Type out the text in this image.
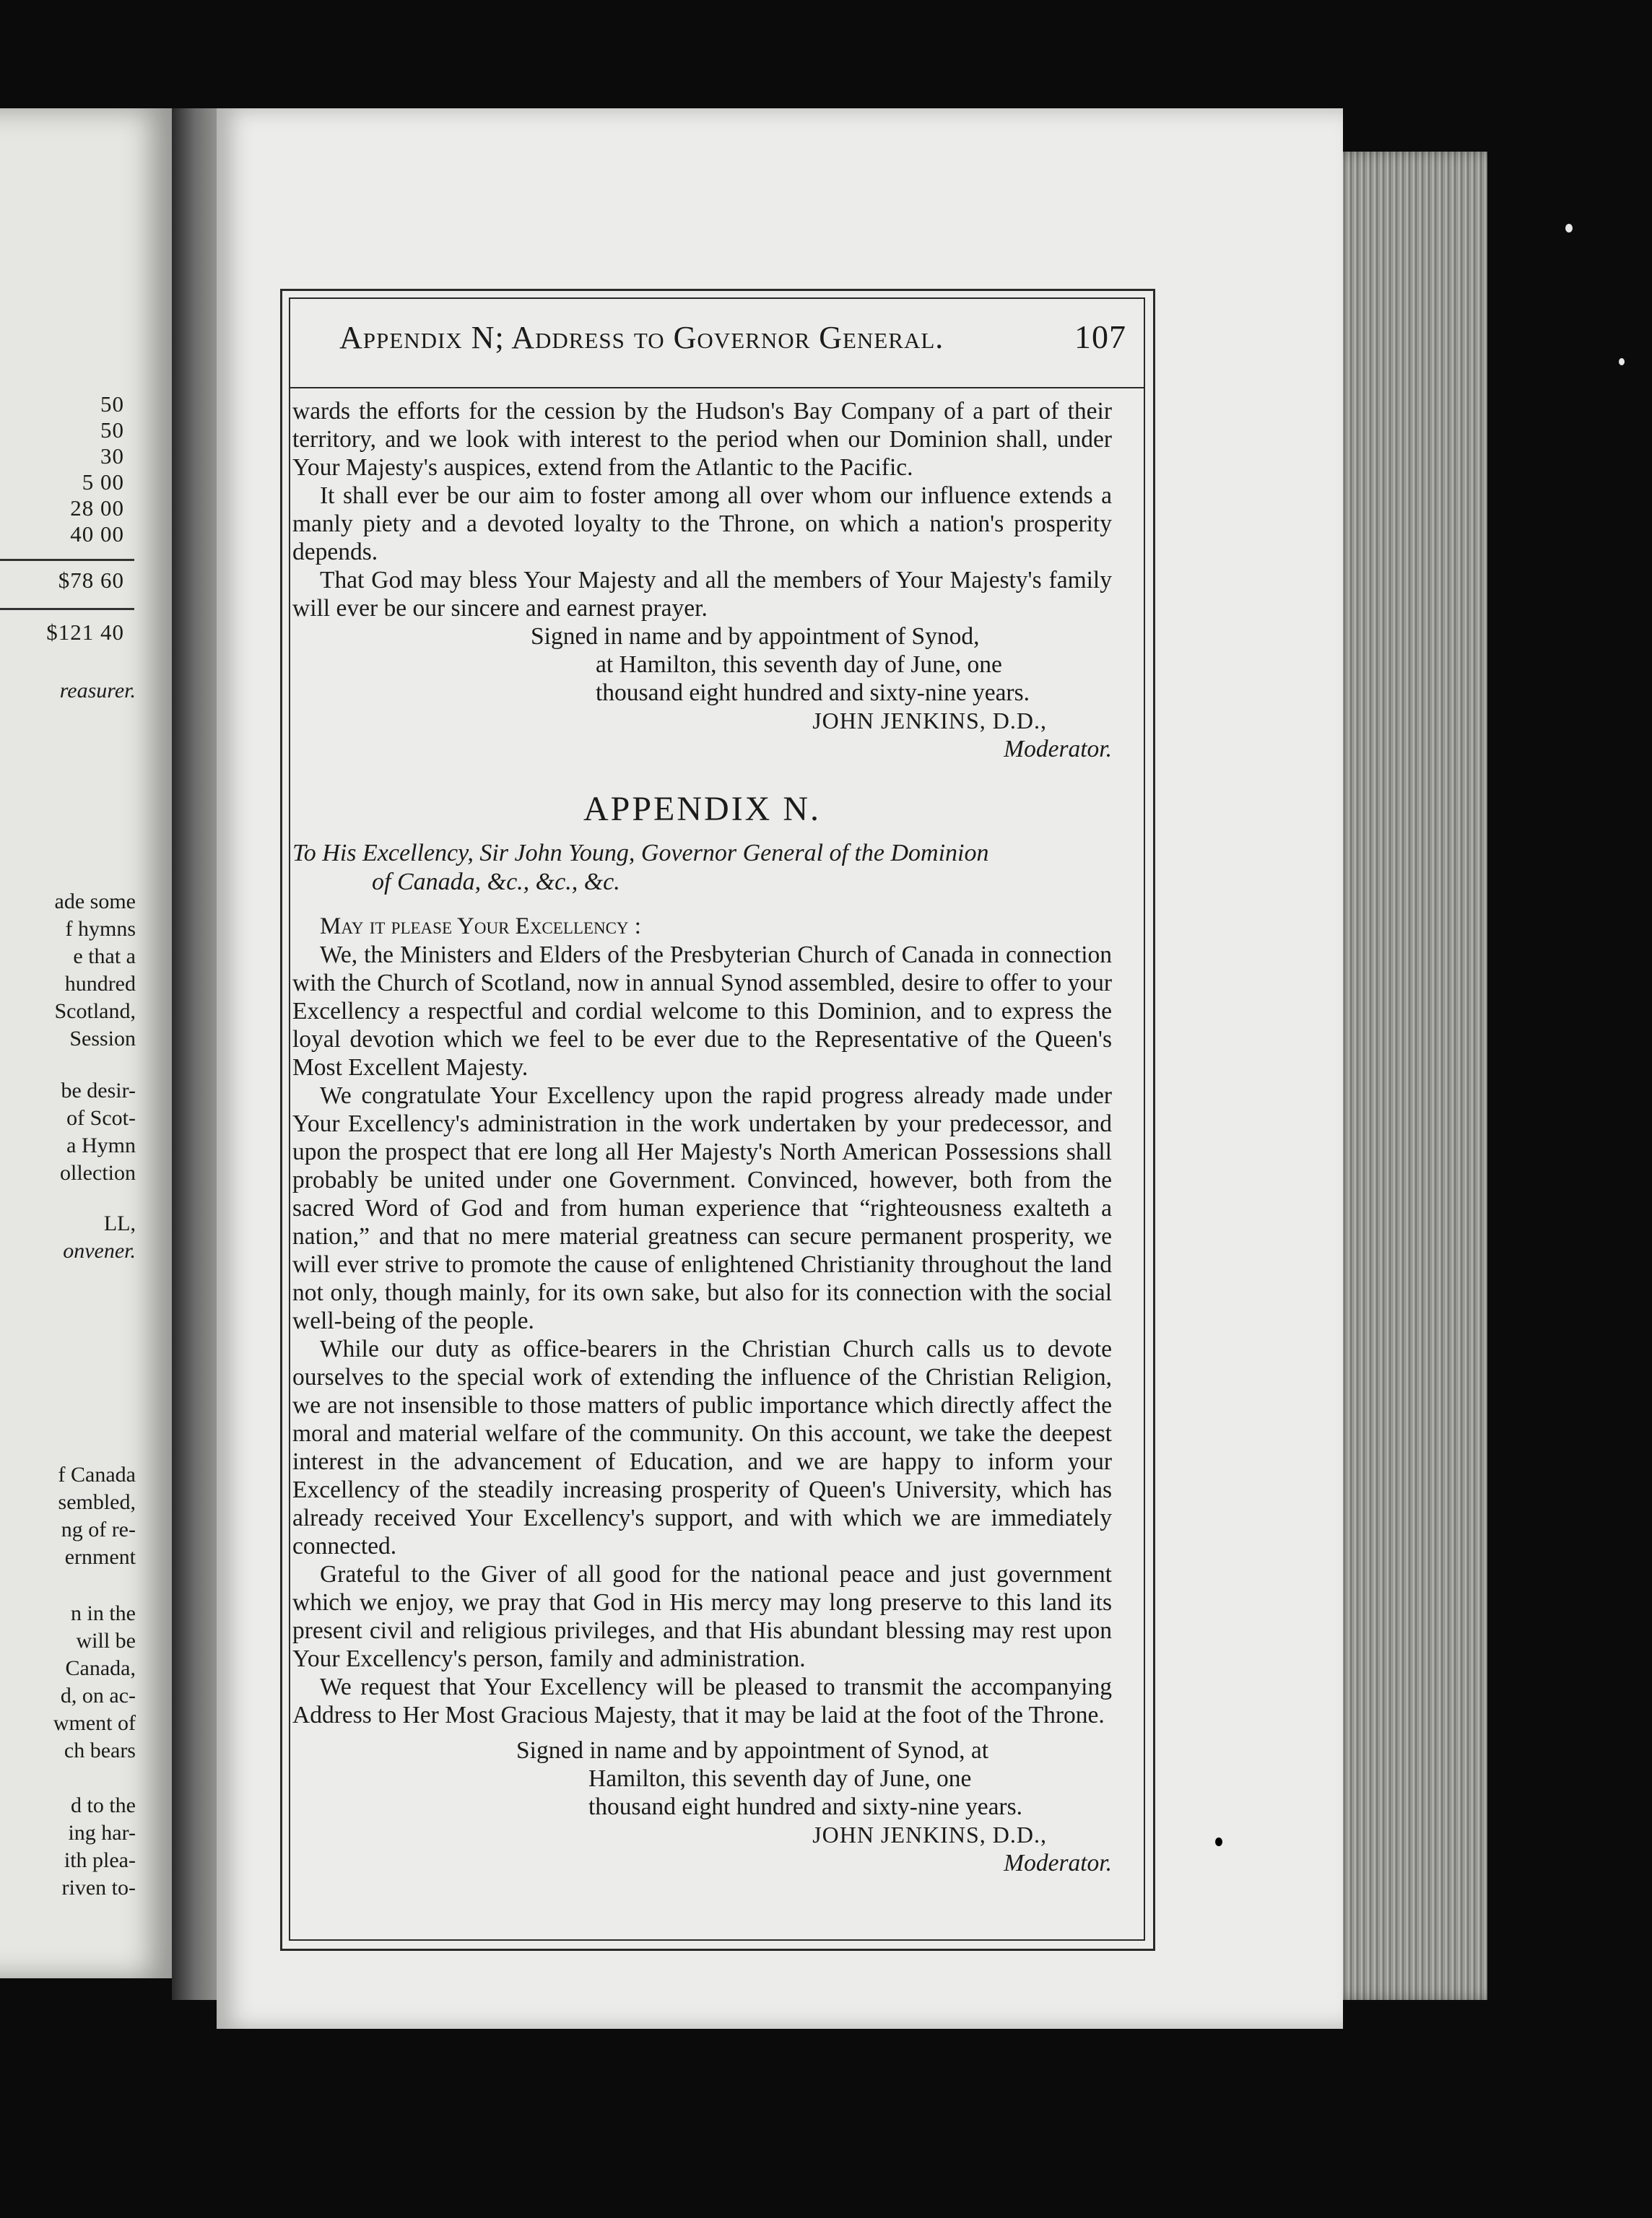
50
50
30
5 00
28 00
40 00
$78 60
$121 40
reasurer.
ade some
f hymns
e that a
hundred
Scotland,
Session
be desir-
of Scot-
a Hymn
ollection
LL,
onvener.
f Canada
sembled,
ng of re-
ernment
n in the
will be
Canada,
d, on ac-
wment of
ch bears
d to the
ing har-
ith plea-
riven to-
Appendix N; Address to Governor General.	107

wards the efforts for the cession by the Hudson's Bay Company of a part of their territory, and we look with interest to the period when our Dominion shall, under Your Majesty's auspices, extend from the Atlantic to the Pacific.

It shall ever be our aim to foster among all over whom our influence extends a manly piety and a devoted loyalty to the Throne, on which a nation's prosperity depends.

That God may bless Your Majesty and all the members of Your Majesty's family will ever be our sincere and earnest prayer.

Signed in name and by appointment of Synod,
at Hamilton, this seventh day of June, one
thousand eight hundred and sixty-nine years.
JOHN JENKINS, D.D.,
Moderator.
APPENDIX N.
To His Excellency, Sir John Young, Governor General of the Dominion
of Canada, &c., &c., &c.

May it please Your Excellency :

We, the Ministers and Elders of the Presbyterian Church of Canada in connection with the Church of Scotland, now in annual Synod assembled, desire to offer to your Excellency a respectful and cordial welcome to this Dominion, and to express the loyal devotion which we feel to be ever due to the Representative of the Queen's Most Excellent Majesty.

We congratulate Your Excellency upon the rapid progress already made under Your Excellency's administration in the work undertaken by your predecessor, and upon the prospect that ere long all Her Majesty's North American Possessions shall probably be united under one Government. Convinced, however, both from the sacred Word of God and from human experience that “righteousness exalteth a nation,” and that no mere material greatness can secure permanent prosperity, we will ever strive to promote the cause of enlightened Christianity throughout the land not only, though mainly, for its own sake, but also for its connection with the social well-being of the people.

While our duty as office-bearers in the Christian Church calls us to devote ourselves to the special work of extending the influence of the Christian Religion, we are not insensible to those matters of public importance which directly affect the moral and material welfare of the community. On this account, we take the deepest interest in the advancement of Education, and we are happy to inform your Excellency of the steadily increasing prosperity of Queen's University, which has already received Your Excellency's support, and with which we are immediately connected.

Grateful to the Giver of all good for the national peace and just government which we enjoy, we pray that God in His mercy may long preserve to this land its present civil and religious privileges, and that His abundant blessing may rest upon Your Excellency's person, family and administration.

We request that Your Excellency will be pleased to transmit the accompanying Address to Her Most Gracious Majesty, that it may be laid at the foot of the Throne.

Signed in name and by appointment of Synod, at
Hamilton, this seventh day of June, one
thousand eight hundred and sixty-nine years.
JOHN JENKINS, D.D.,
Moderator.
